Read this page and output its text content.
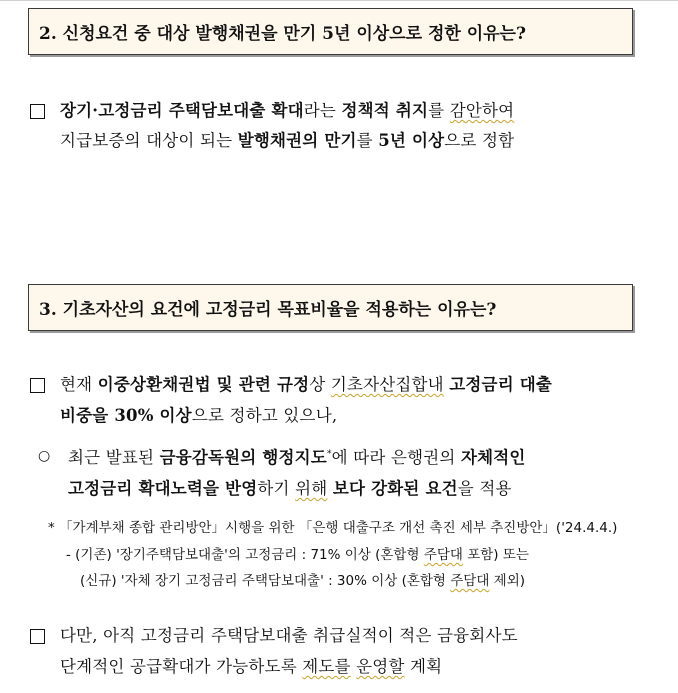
2. 신청요건 중 대상 발행채권을 만기 5년 이상으로 정한 이유는?
장기·고정금리 주택담보대출 확대라는 정책적 취지를 감안하여
지급보증의 대상이 되는 발행채권의 만기를 5년 이상으로 정함
3. 기초자산의 요건에 고정금리 목표비율을 적용하는 이유는?
현재 이중상환채권법 및 관련 규정상 기초자산집합내 고정금리 대출
비중을 30% 이상으로 정하고 있으나,
○ 최근 발표된 금융감독원의 행정지도*에 따라 은행권의 자체적인
고정금리 확대노력을 반영하기 위해 보다 강화된 요건을 적용
* 「가계부채 종합 관리방안」시행을 위한 「은행 대출구조 개선 촉진 세부 추진방안」('24.4.4.)
- (기존) '장기주택담보대출'의 고정금리 : 71% 이상 (혼합형 주담대 포함) 또는
(신규) '자체 장기 고정금리 주택담보대출' : 30% 이상 (혼합형 주담대 제외)
다만, 아직 고정금리 주택담보대출 취급실적이 적은 금융회사도
단계적인 공급확대가 가능하도록 제도를 운영할 계획
